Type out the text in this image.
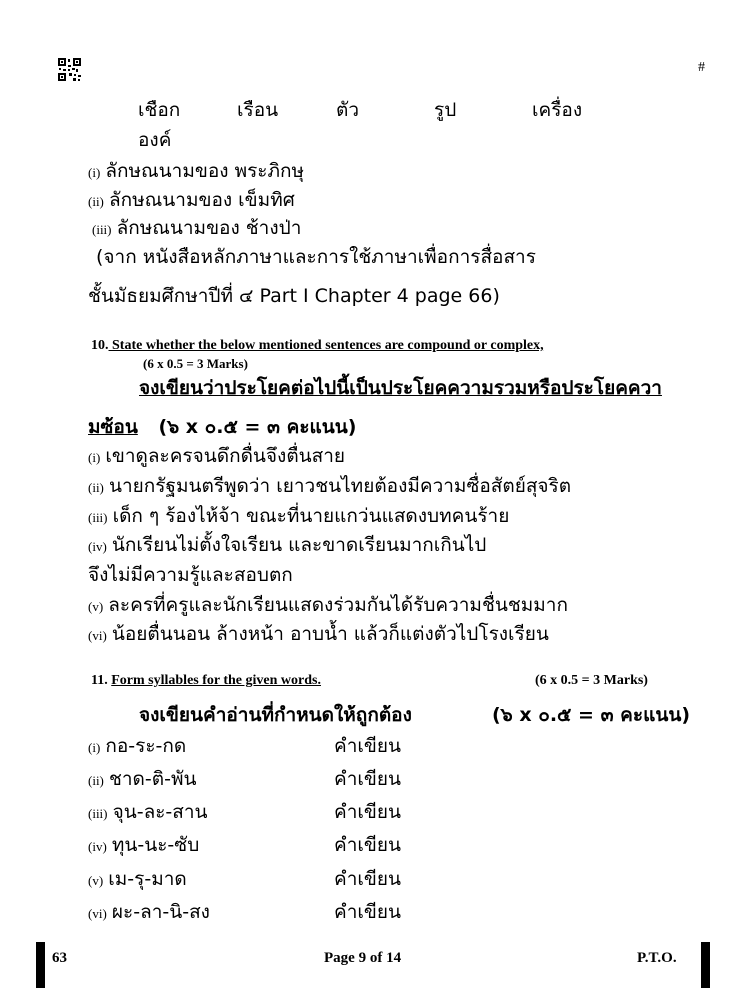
#
เชือก	เรือน	ตัว	รูป	เครื่อง
องค์
(i) ลักษณนามของ พระภิกษุ
(ii) ลักษณนามของ เข็มทิศ
(iii) ลักษณนามของ ช้างป่า
(จาก หนังสือหลักภาษาและการใช้ภาษาเพื่อการสื่อสาร
ชั้นมัธยมศึกษาปีที่ ๔ Part I Chapter 4 page 66)
10. State whether the below mentioned sentences are compound or complex,
(6 x 0.5 = 3 Marks)
จงเขียนว่าประโยคต่อไปนี้เป็นประโยคความรวมหรือประโยคควา
มซ้อน (๖ x ๐.๕ = ๓ คะแนน)
(i) เขาดูละครจนดึกดื่นจึงตื่นสาย
(ii) นายกรัฐมนตรีพูดว่า เยาวชนไทยต้องมีความซื่อสัตย์สุจริต
(iii) เด็ก ๆ ร้องไห้จ้า ขณะที่นายแกว่นแสดงบทคนร้าย
(iv) นักเรียนไม่ตั้งใจเรียน และขาดเรียนมากเกินไป
จึงไม่มีความรู้และสอบตก
(v) ละครที่ครูและนักเรียนแสดงร่วมกันได้รับความชื่นชมมาก
(vi) น้อยตื่นนอน ล้างหน้า อาบน้ำ แล้วก็แต่งตัวไปโรงเรียน
11. Form syllables for the given words.	(6 x 0.5 = 3 Marks)
จงเขียนคำอ่านที่กำหนดให้ถูกต้อง	(๖ x ๐.๕ = ๓ คะแนน)
(i) กอ-ระ-กด	คำเขียน
(ii) ชาด-ติ-พัน	คำเขียน
(iii) จุน-ละ-สาน	คำเขียน
(iv) ทุน-นะ-ซับ	คำเขียน
(v) เม-รุ-มาด	คำเขียน
(vi) ผะ-ลา-นิ-สง	คำเขียน
63	Page 9 of 14	P.T.O.
